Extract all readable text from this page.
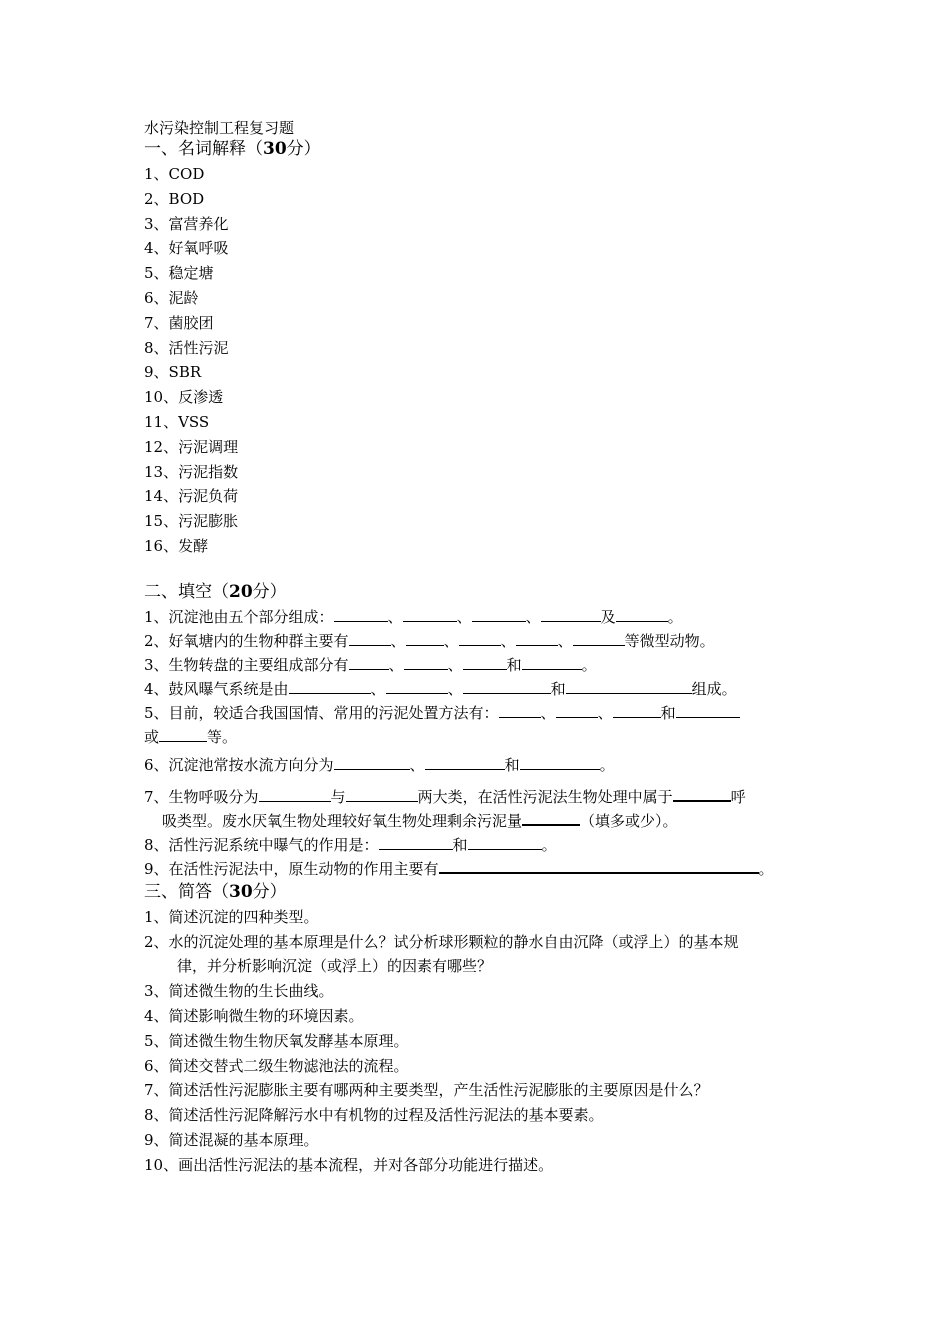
水污染控制工程复习题
一、名词解释（30分）
1、COD
2、BOD
3、富营养化
4、好氧呼吸
5、稳定塘
6、泥龄
7、菌胶团
8、活性污泥
9、SBR
10、反渗透
11、VSS
12、污泥调理
13、污泥指数
14、污泥负荷
15、污泥膨胀
16、发酵
二、填空（20分）
1、沉淀池由五个部分组成：	、	、	、	及	。
2、好氧塘内的生物种群主要有	、	、	、	、	等微型动物。
3、生物转盘的主要组成部分有	、	、	和	。
4、鼓风曝气系统是由	、	、	和	组成。
5、目前，较适合我国国情、常用的污泥处置方法有：	、	、	和
或	等。
6、沉淀池常按水流方向分为	、	和	。
7、生物呼吸分为	与	两大类，在活性污泥法生物处理中属于	呼
吸类型。废水厌氧生物处理较好氧生物处理剩余污泥量	（填多或少）。
8、活性污泥系统中曝气的作用是：	和	。
9、在活性污泥法中，原生动物的作用主要有	。
三、简答（30分）
1、简述沉淀的四种类型。
2、水的沉淀处理的基本原理是什么？试分析球形颗粒的静水自由沉降（或浮上）的基本规
律，并分析影响沉淀（或浮上）的因素有哪些？
3、简述微生物的生长曲线。
4、简述影响微生物的环境因素。
5、简述微生物生物厌氧发酵基本原理。
6、简述交替式二级生物滤池法的流程。
7、简述活性污泥膨胀主要有哪两种主要类型，产生活性污泥膨胀的主要原因是什么？
8、简述活性污泥降解污水中有机物的过程及活性污泥法的基本要素。
9、简述混凝的基本原理。
10、画出活性污泥法的基本流程，并对各部分功能进行描述。
